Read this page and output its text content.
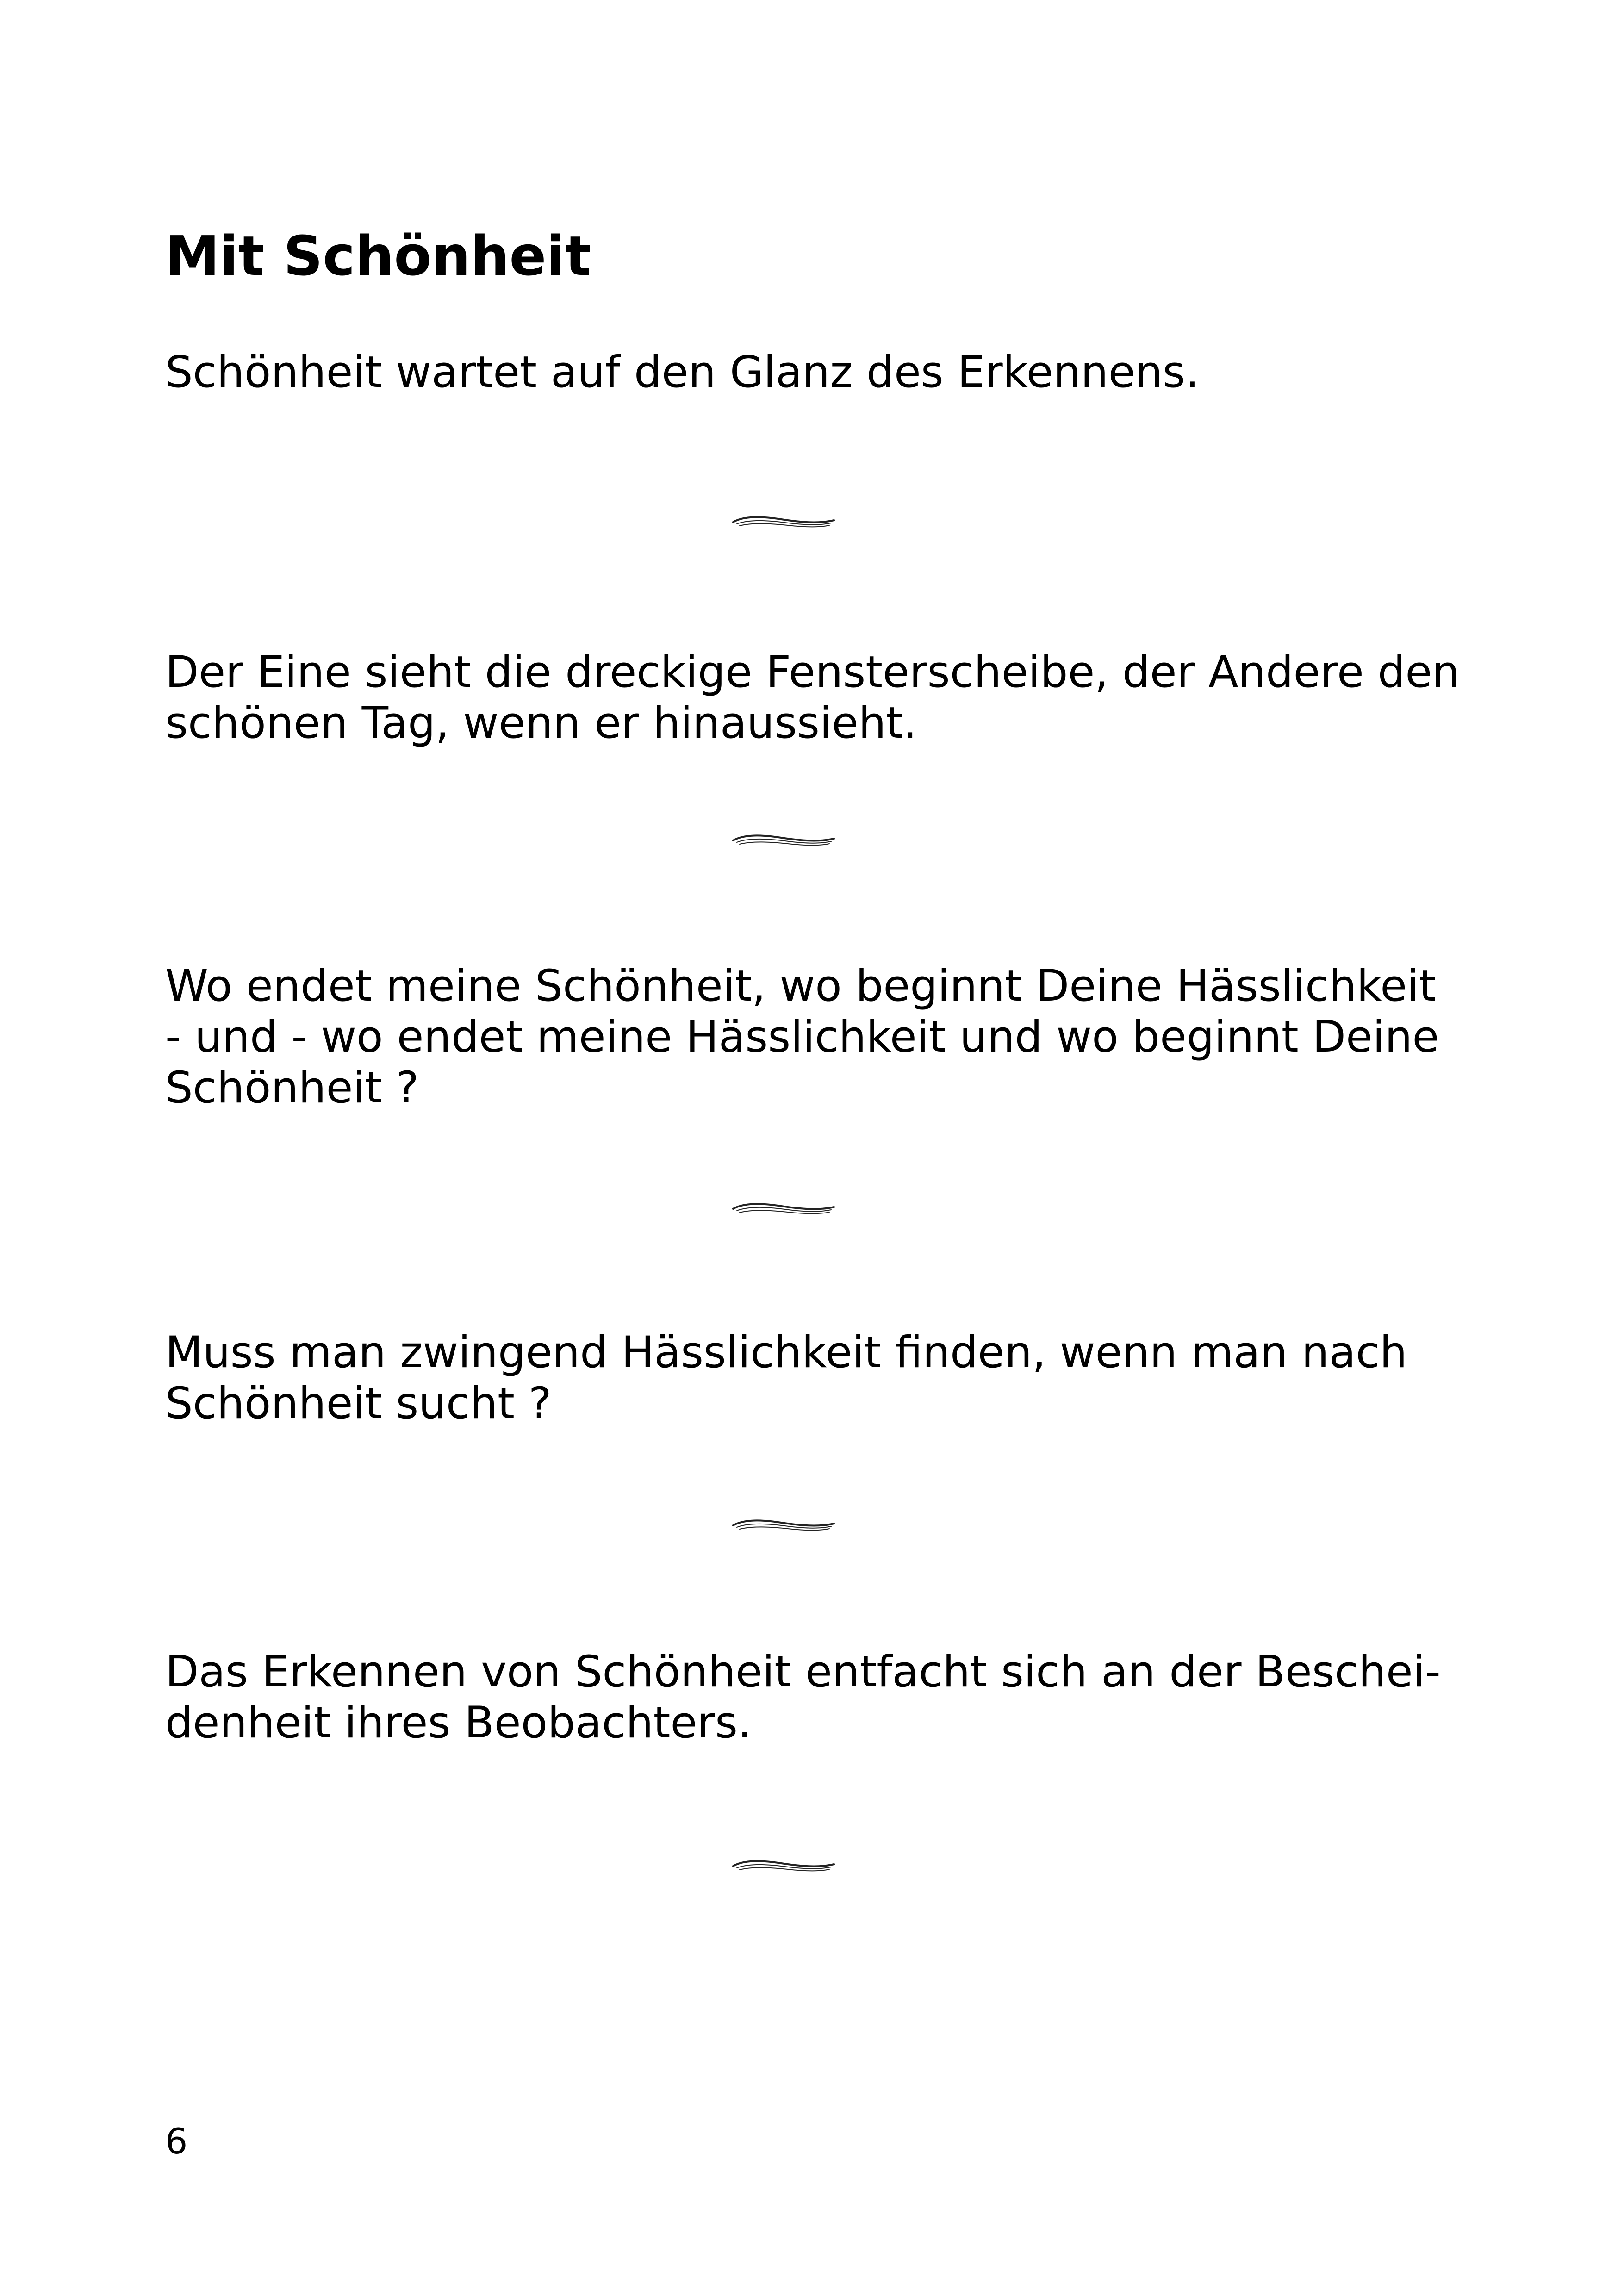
Mit Schönheit

Schönheit wartet auf den Glanz des Erkennens.

Der Eine sieht die dreckige Fensterscheibe, der Andere den
schönen Tag, wenn er hinaussieht.

Wo endet meine Schönheit, wo beginnt Deine Hässlichkeit
- und - wo endet meine Hässlichkeit und wo beginnt Deine
Schönheit ?

Muss man zwingend Hässlichkeit finden, wenn man nach
Schönheit sucht ?

Das Erkennen von Schönheit entfacht sich an der Beschei-
denheit ihres Beobachters.

6
